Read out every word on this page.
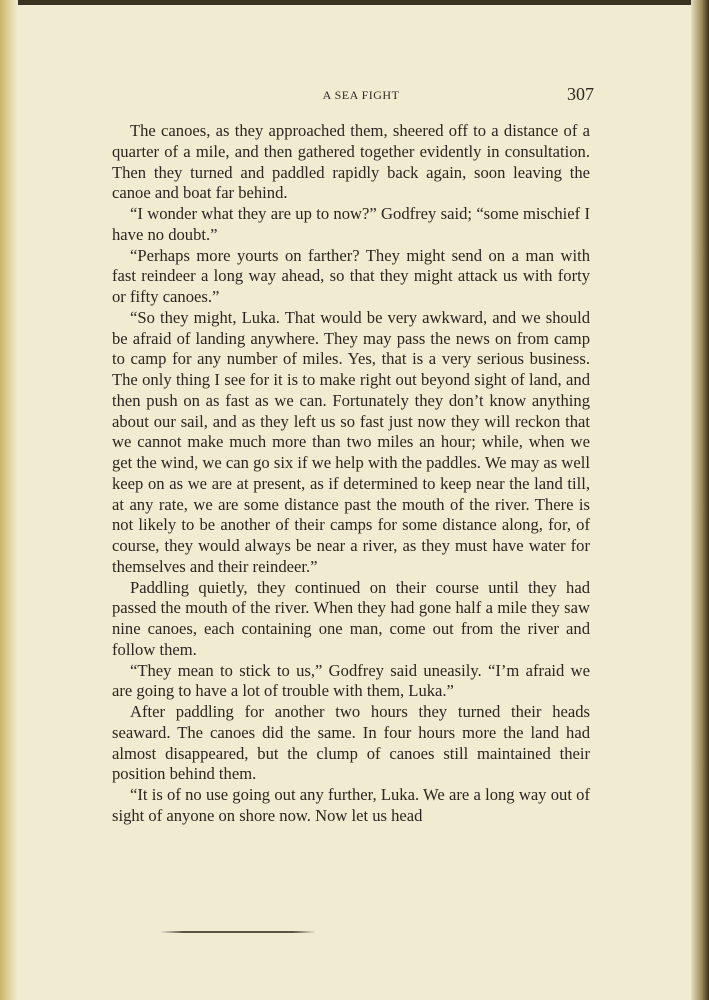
A SEA FIGHT	307

The canoes, as they approached them, sheered off to a distance of a quarter of a mile, and then gathered together evidently in consultation. Then they turned and paddled rapidly back again, soon leaving the canoe and boat far behind.

“I wonder what they are up to now?” Godfrey said; “some mischief I have no doubt.”

“Perhaps more yourts on farther? They might send on a man with fast reindeer a long way ahead, so that they might attack us with forty or fifty canoes.”

“So they might, Luka. That would be very awkward, and we should be afraid of landing anywhere. They may pass the news on from camp to camp for any number of miles. Yes, that is a very serious business. The only thing I see for it is to make right out beyond sight of land, and then push on as fast as we can. Fortunately they don’t know anything about our sail, and as they left us so fast just now they will reckon that we cannot make much more than two miles an hour; while, when we get the wind, we can go six if we help with the paddles. We may as well keep on as we are at present, as if determined to keep near the land till, at any rate, we are some distance past the mouth of the river. There is not likely to be another of their camps for some distance along, for, of course, they would always be near a river, as they must have water for themselves and their reindeer.”

Paddling quietly, they continued on their course until they had passed the mouth of the river. When they had gone half a mile they saw nine canoes, each containing one man, come out from the river and follow them.

“They mean to stick to us,” Godfrey said uneasily. “I’m afraid we are going to have a lot of trouble with them, Luka.”

After paddling for another two hours they turned their heads seaward. The canoes did the same. In four hours more the land had almost disappeared, but the clump of canoes still maintained their position behind them.

“It is of no use going out any further, Luka. We are a long way out of sight of anyone on shore now. Now let us head
